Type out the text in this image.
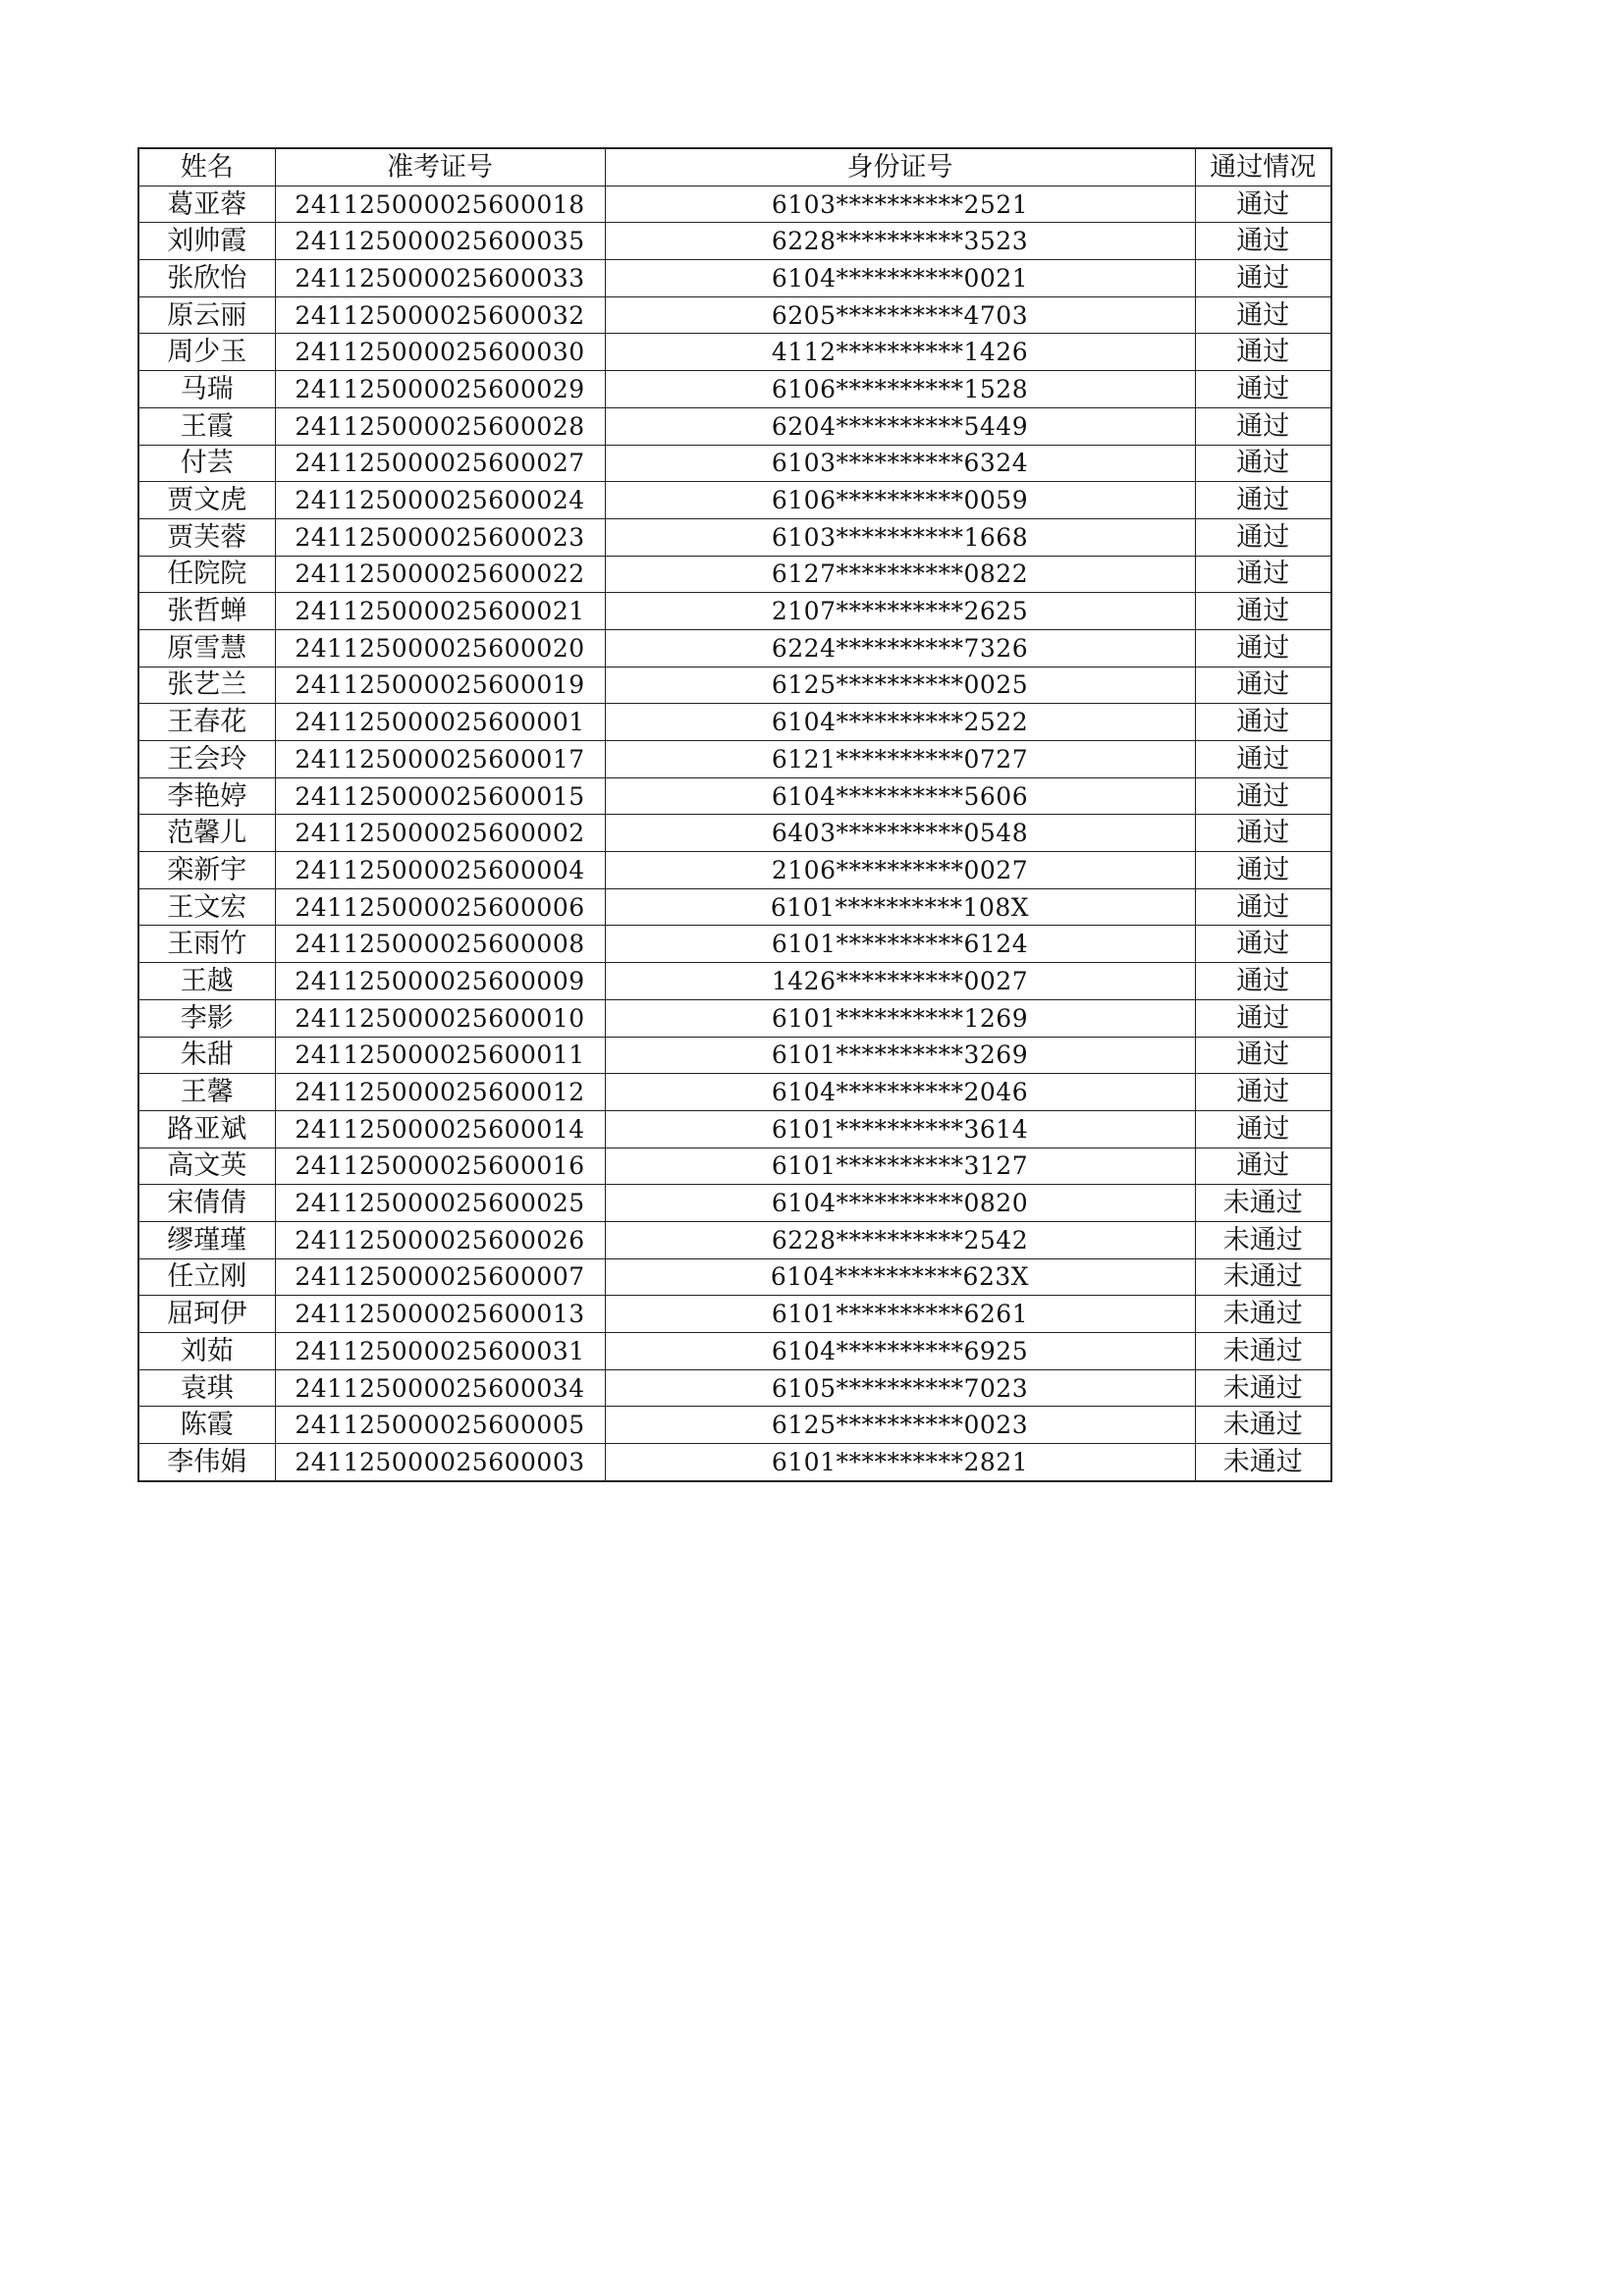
姓名	准考证号	身份证号	通过情况
葛亚蓉	241125000025600018	6103**********2521	通过
刘帅霞	241125000025600035	6228**********3523	通过
张欣怡	241125000025600033	6104**********0021	通过
原云丽	241125000025600032	6205**********4703	通过
周少玉	241125000025600030	4112**********1426	通过
马瑞	241125000025600029	6106**********1528	通过
王霞	241125000025600028	6204**********5449	通过
付芸	241125000025600027	6103**********6324	通过
贾文虎	241125000025600024	6106**********0059	通过
贾芙蓉	241125000025600023	6103**********1668	通过
任院院	241125000025600022	6127**********0822	通过
张哲蝉	241125000025600021	2107**********2625	通过
原雪慧	241125000025600020	6224**********7326	通过
张艺兰	241125000025600019	6125**********0025	通过
王春花	241125000025600001	6104**********2522	通过
王会玲	241125000025600017	6121**********0727	通过
李艳婷	241125000025600015	6104**********5606	通过
范馨儿	241125000025600002	6403**********0548	通过
栾新宇	241125000025600004	2106**********0027	通过
王文宏	241125000025600006	6101**********108X	通过
王雨竹	241125000025600008	6101**********6124	通过
王越	241125000025600009	1426**********0027	通过
李影	241125000025600010	6101**********1269	通过
朱甜	241125000025600011	6101**********3269	通过
王馨	241125000025600012	6104**********2046	通过
路亚斌	241125000025600014	6101**********3614	通过
高文英	241125000025600016	6101**********3127	通过
宋倩倩	241125000025600025	6104**********0820	未通过
缪瑾瑾	241125000025600026	6228**********2542	未通过
任立刚	241125000025600007	6104**********623X	未通过
屈珂伊	241125000025600013	6101**********6261	未通过
刘茹	241125000025600031	6104**********6925	未通过
袁琪	241125000025600034	6105**********7023	未通过
陈霞	241125000025600005	6125**********0023	未通过
李伟娟	241125000025600003	6101**********2821	未通过
